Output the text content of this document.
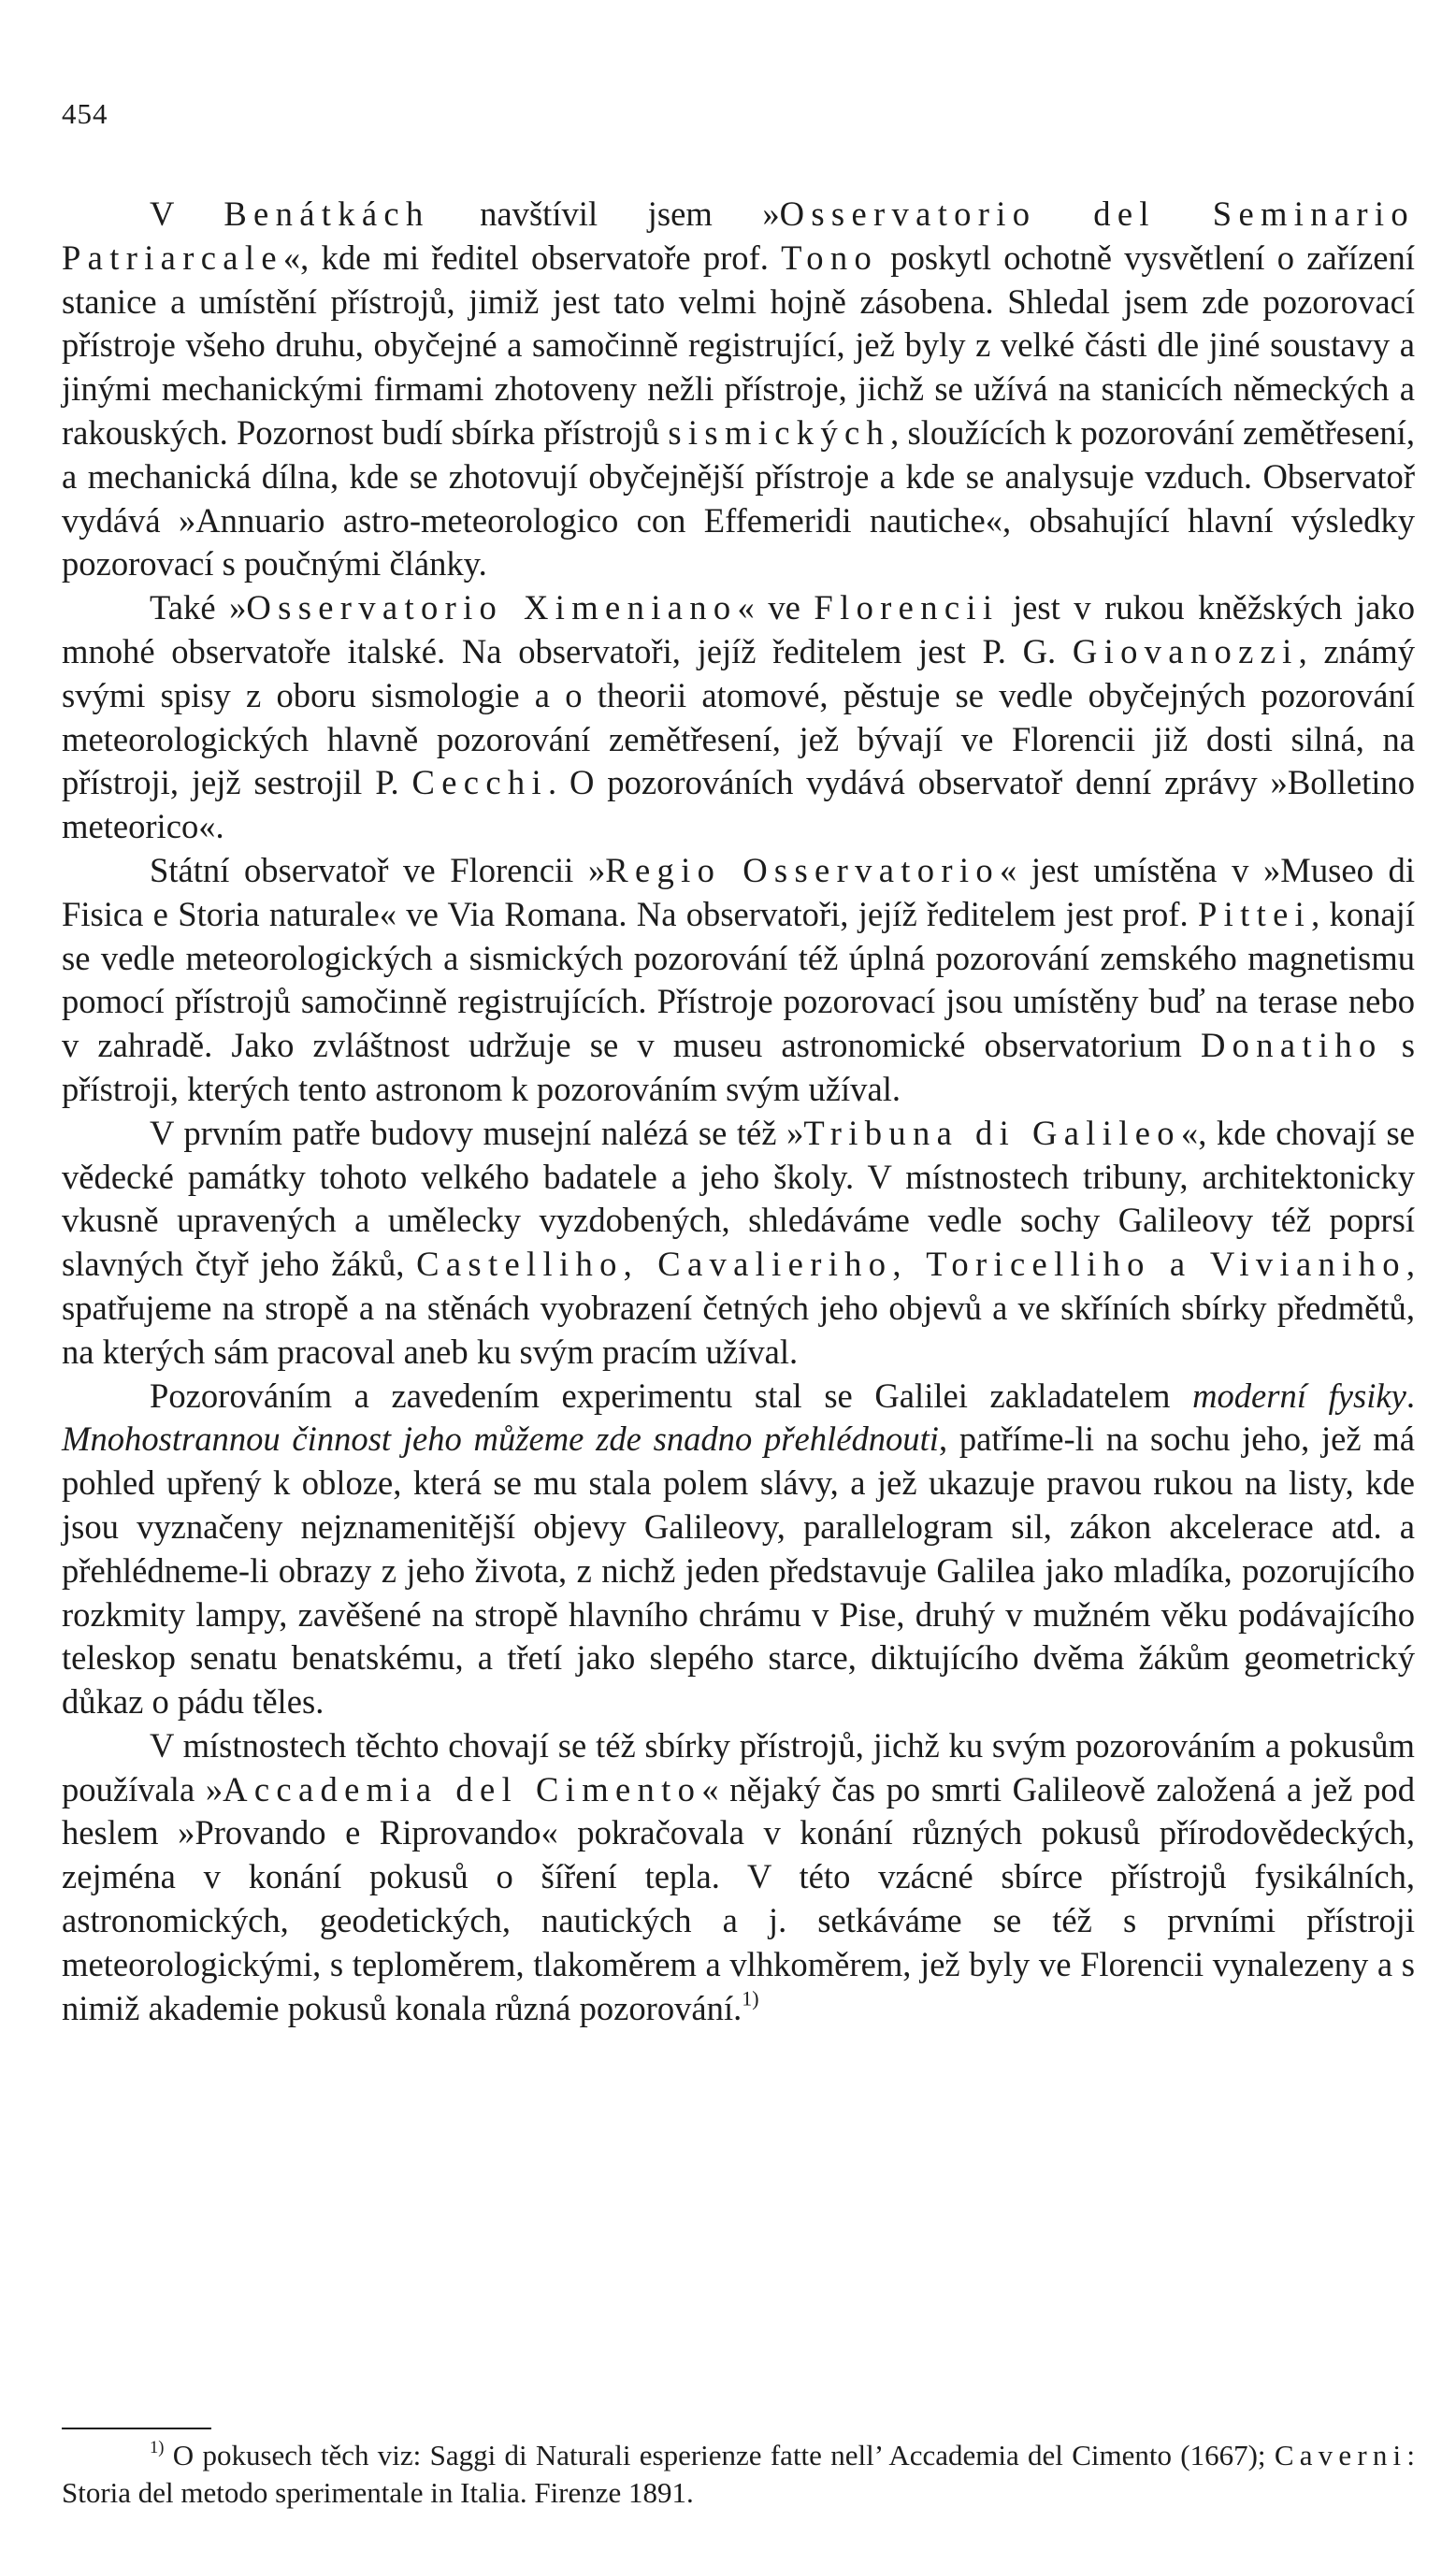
454

V Benátkách navštívil jsem »Osservatorio del Seminario Patriarcale«, kde mi ředitel observatoře prof. Tono poskytl ochotně vysvětlení o zařízení stanice a umístění přístrojů, jimiž jest tato velmi hojně zásobena. Shledal jsem zde pozorovací přístroje všeho druhu, obyčejné a samočinně registrující, jež byly z velké části dle jiné soustavy a jinými mechanickými firmami zhotoveny nežli přístroje, jichž se užívá na stanicích německých a rakouských. Pozornost budí sbírka přístrojů sismických, sloužících k pozorování zemětřesení, a mechanická dílna, kde se zhotovují obyčejnější přístroje a kde se analysuje vzduch. Observatoř vydává »Annuario astro-meteorologico con Effemeridi nautiche«, obsahující hlavní výsledky pozorovací s poučnými články.

Také »Osservatorio Ximeniano« ve Florencii jest v rukou kněžských jako mnohé observatoře italské. Na observatoři, jejíž ředitelem jest P. G. Giovanozzi, známý svými spisy z oboru sismologie a o theorii atomové, pěstuje se vedle obyčejných pozorování meteorologických hlavně pozorování zemětřesení, jež bývají ve Florencii již dosti silná, na přístroji, jejž sestrojil P. Cecchi. O pozorováních vydává observatoř denní zprávy »Bolletino meteorico«.

Státní observatoř ve Florencii »Regio Osservatorio« jest umístěna v »Museo di Fisica e Storia naturale« ve Via Romana. Na observatoři, jejíž ředitelem jest prof. Pittei, konají se vedle meteorologických a sismických pozorování též úplná pozorování zemského magnetismu pomocí přístrojů samočinně registrujících. Přístroje pozorovací jsou umístěny buď na terase nebo v zahradě. Jako zvláštnost udržuje se v museu astronomické observatorium Donatiho s přístroji, kterých tento astronom k pozorováním svým užíval.

V prvním patře budovy musejní nalézá se též »Tribuna di Galileo«, kde chovají se vědecké památky tohoto velkého badatele a jeho školy. V místnostech tribuny, architektonicky vkusně upravených a umělecky vyzdobených, shledáváme vedle sochy Galileovy též poprsí slavných čtyř jeho žáků, Castelliho, Cavalieriho, Toricelliho a Vivianiho, spatřujeme na stropě a na stěnách vyobrazení četných jeho objevů a ve skříních sbírky předmětů, na kterých sám pracoval aneb ku svým pracím užíval.

Pozorováním a zavedením experimentu stal se Galilei zakladatelem moderní fysiky. Mnohostrannou činnost jeho můžeme zde snadno přehlédnouti, patříme-li na sochu jeho, jež má pohled upřený k obloze, která se mu stala polem slávy, a jež ukazuje pravou rukou na listy, kde jsou vyznačeny nejznamenitější objevy Galileovy, parallelogram sil, zákon akcelerace atd. a přehlédneme-li obrazy z jeho života, z nichž jeden představuje Galilea jako mladíka, pozorujícího rozkmity lampy, zavěšené na stropě hlavního chrámu v Pise, druhý v mužném věku podávajícího teleskop senatu benatskému, a třetí jako slepého starce, diktujícího dvěma žákům geometrický důkaz o pádu těles.

V místnostech těchto chovají se též sbírky přístrojů, jichž ku svým pozorováním a pokusům používala »Accademia del Cimento« nějaký čas po smrti Galileově založená a jež pod heslem »Provando e Riprovando« pokračovala v konání různých pokusů přírodovědeckých, zejména v konání pokusů o šíření tepla. V této vzácné sbírce přístrojů fysikálních, astronomických, geodetických, nautických a j. setkáváme se též s prvními přístroji meteorologickými, s teploměrem, tlakoměrem a vlhkoměrem, jež byly ve Florencii vynalezeny a s nimiž akademie pokusů konala různá pozorování.$^{1)}$

$^{1)}$ O pokusech těch viz: Saggi di Naturali esperienze fatte nell’ Accademia del Cimento (1667); Caverni: Storia del metodo sperimentale in Italia. Firenze 1891.
